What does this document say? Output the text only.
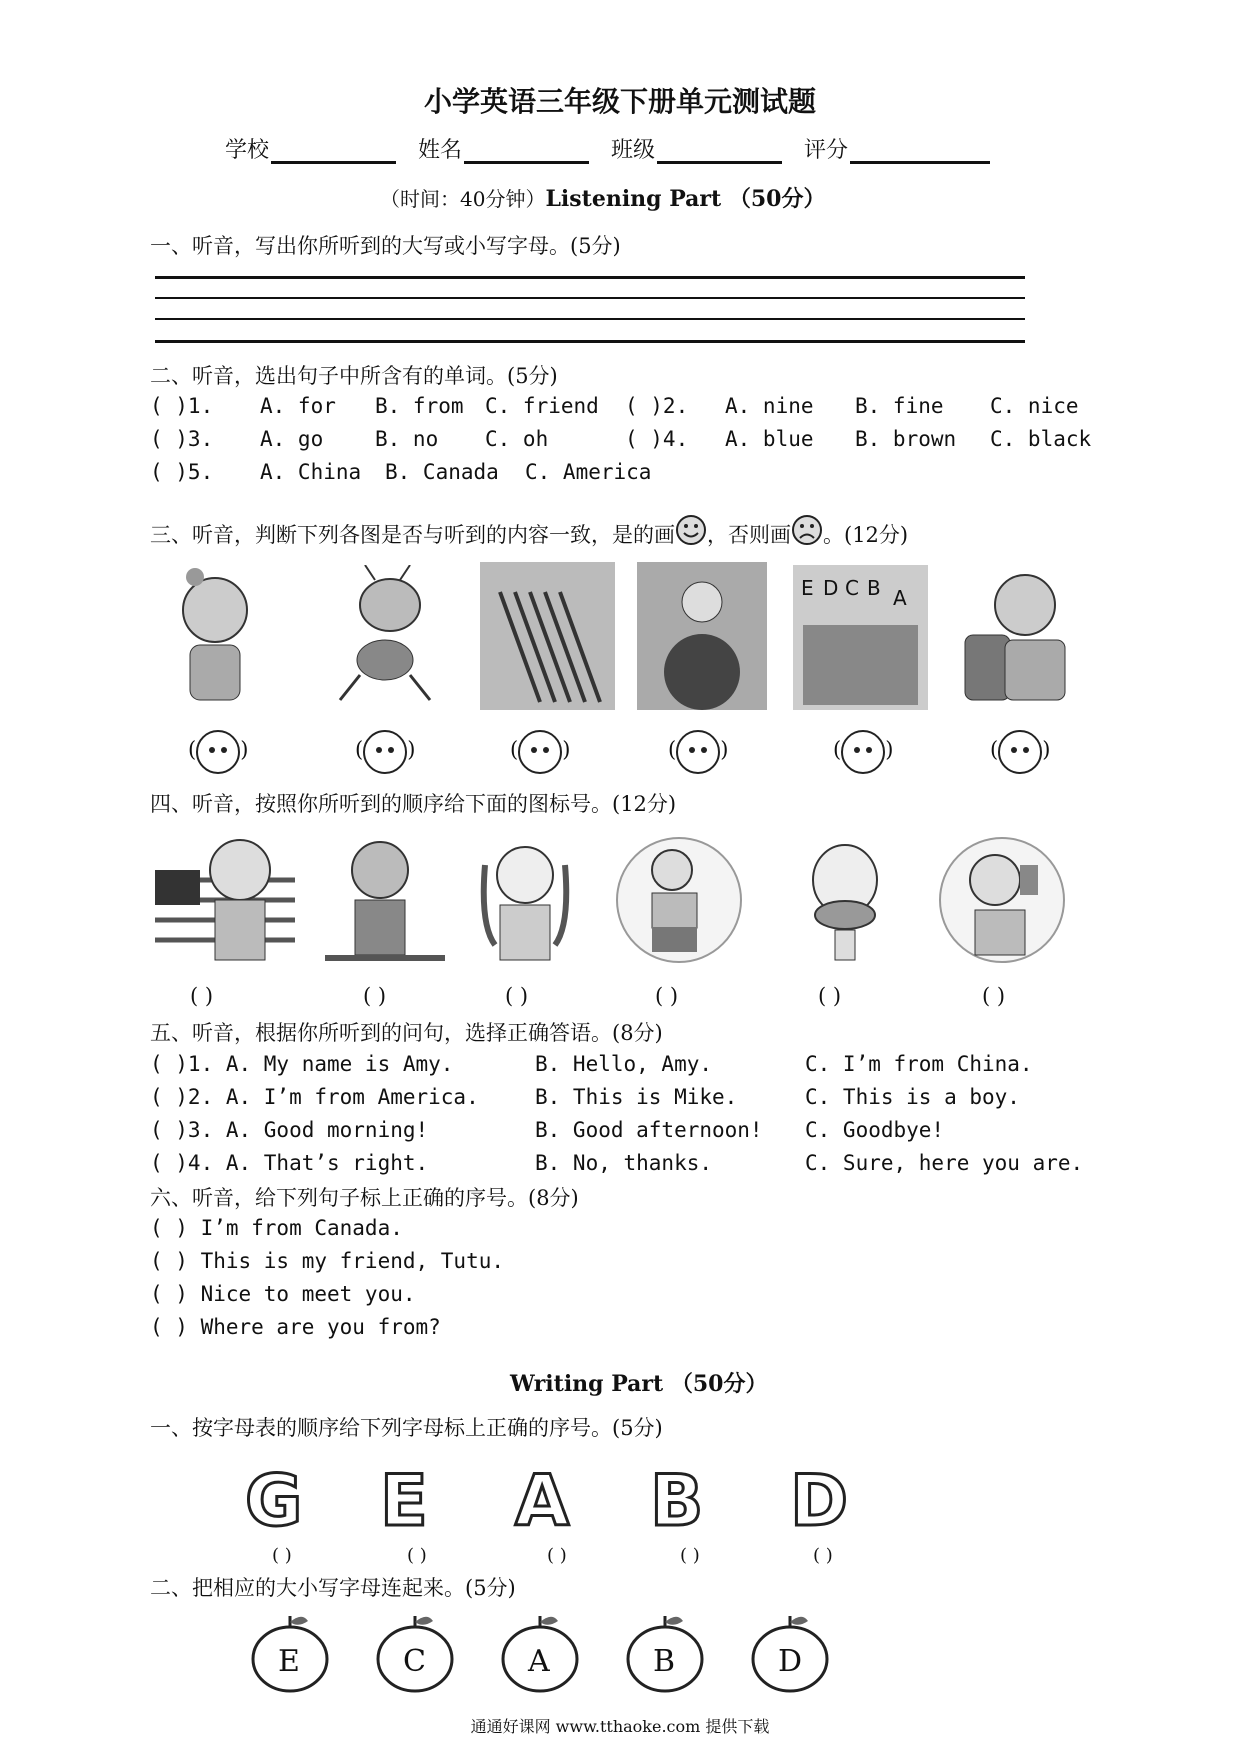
小学英语三年级下册单元测试题
学校	姓名	班级	评分
（时间：40分钟）Listening Part （50分）
一、听音，写出你所听到的大写或小写字母。(5分)
二、听音，选出句子中所含有的单词。(5分)
( )1. A. for B. from C. friend ( )2. A. nine B. fine C. nice
( )3. A. go B. no C. oh	( )4. A. blue B. brown C. black
( )5. A. China B. Canada C. America
三、听音，判断下列各图是否与听到的内容一致，是的画 ，否则画 。(12分)
E D C B A
( )	( )	( )	( )	( )	( )
四、听音，按照你所听到的顺序给下面的图标号。(12分)
( )	( )	( )	( )	( )	( )
五、听音，根据你所听到的问句，选择正确答语。(8分)
( )1. A. My name is Amy.	B. Hello, Amy.	C. I’m from China.
( )2. A. I’m from America.	B. This is Mike.	C. This is a boy.
( )3. A. Good morning!	B. Good afternoon! C. Goodbye!
( )4. A. That’s right.	B. No, thanks.	C. Sure, here you are.
六、听音，给下列句子标上正确的序号。(8分)
( ) I’m from Canada.
( ) This is my friend, Tutu.
( ) Nice to meet you.
( ) Where are you from?
Writing Part （50分）
一、按字母表的顺序给下列字母标上正确的序号。(5分)
G E A B D
( )	( )	( )	( )	( )
二、把相应的大小写字母连起来。(5分)
E	C	A	B	D
通通好课网 www.tthaoke.com 提供下载
